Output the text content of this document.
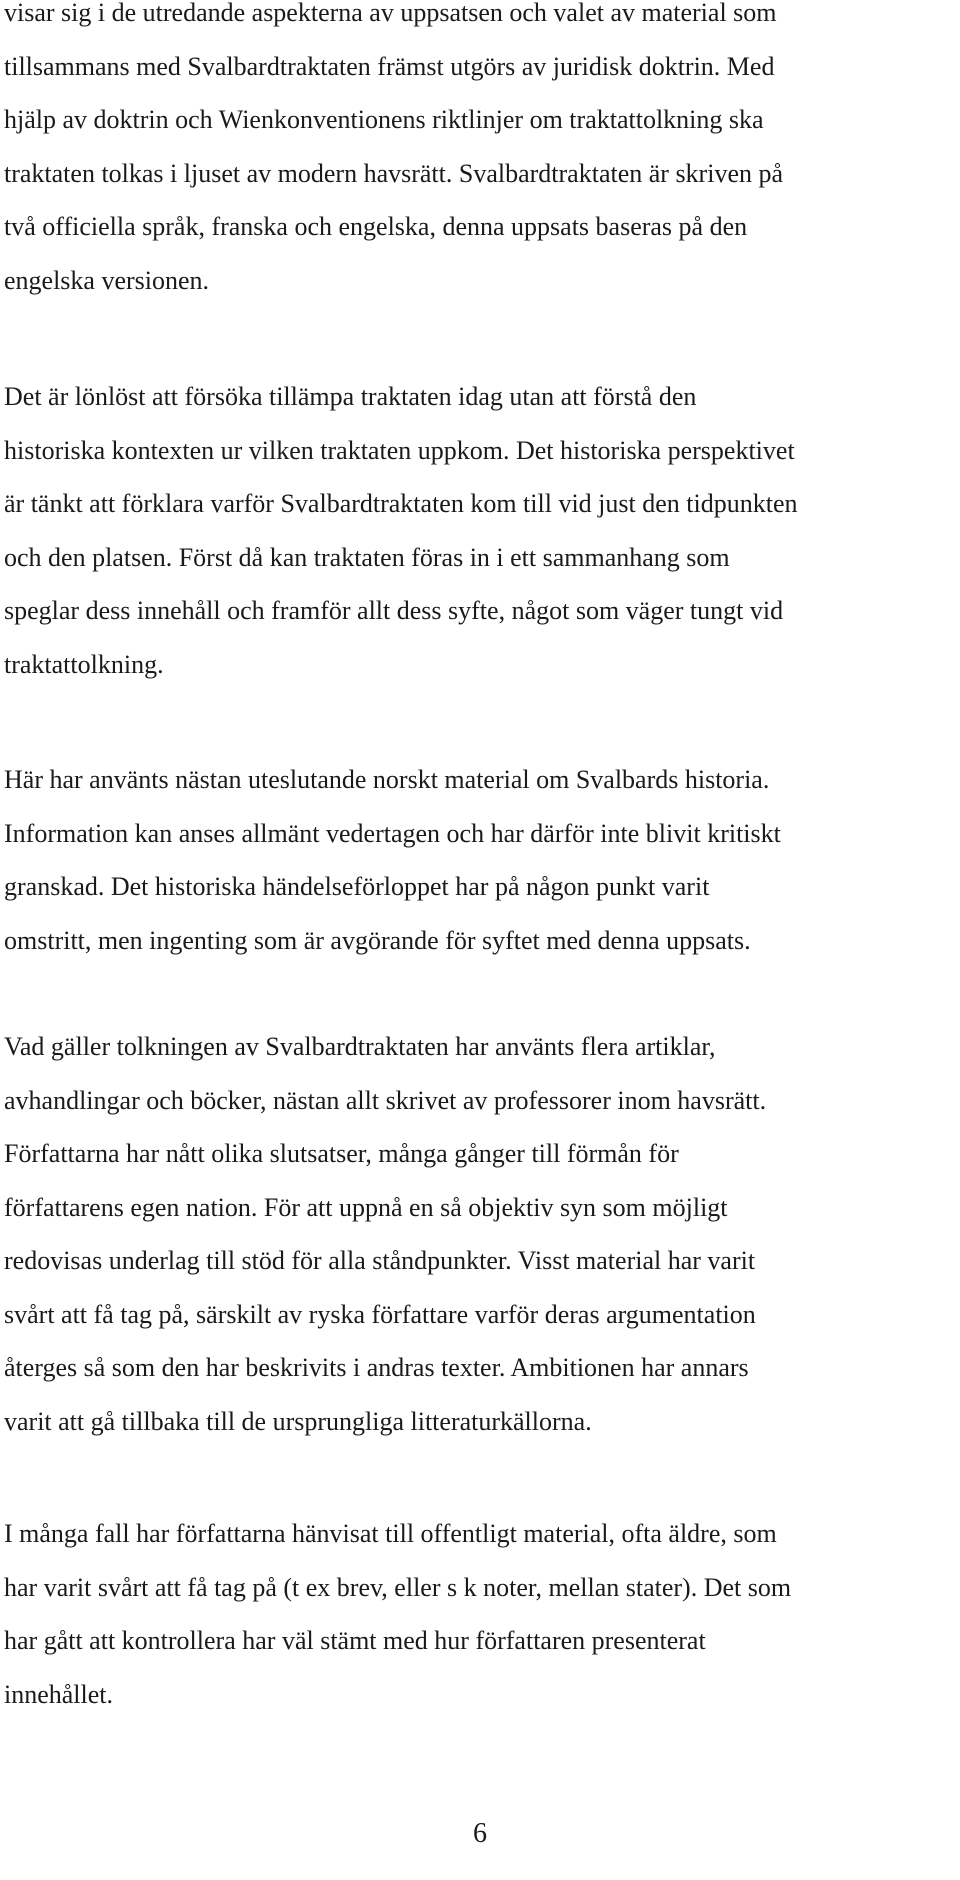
visar sig i de utredande aspekterna av uppsatsen och valet av material som
tillsammans med Svalbardtraktaten främst utgörs av juridisk doktrin. Med
hjälp av doktrin och Wienkonventionens riktlinjer om traktattolkning ska
traktaten tolkas i ljuset av modern havsrätt. Svalbardtraktaten är skriven på
två officiella språk, franska och engelska, denna uppsats baseras på den
engelska versionen.

Det är lönlöst att försöka tillämpa traktaten idag utan att förstå den
historiska kontexten ur vilken traktaten uppkom. Det historiska perspektivet
är tänkt att förklara varför Svalbardtraktaten kom till vid just den tidpunkten
och den platsen. Först då kan traktaten föras in i ett sammanhang som
speglar dess innehåll och framför allt dess syfte, något som väger tungt vid
traktattolkning.

Här har använts nästan uteslutande norskt material om Svalbards historia.
Information kan anses allmänt vedertagen och har därför inte blivit kritiskt
granskad. Det historiska händelseförloppet har på någon punkt varit
omstritt, men ingenting som är avgörande för syftet med denna uppsats.

Vad gäller tolkningen av Svalbardtraktaten har använts flera artiklar,
avhandlingar och böcker, nästan allt skrivet av professorer inom havsrätt.
Författarna har nått olika slutsatser, många gånger till förmån för
författarens egen nation. För att uppnå en så objektiv syn som möjligt
redovisas underlag till stöd för alla ståndpunkter. Visst material har varit
svårt att få tag på, särskilt av ryska författare varför deras argumentation
återges så som den har beskrivits i andras texter. Ambitionen har annars
varit att gå tillbaka till de ursprungliga litteraturkällorna.

I många fall har författarna hänvisat till offentligt material, ofta äldre, som
har varit svårt att få tag på (t ex brev, eller s k noter, mellan stater). Det som
har gått att kontrollera har väl stämt med hur författaren presenterat
innehållet.

6
